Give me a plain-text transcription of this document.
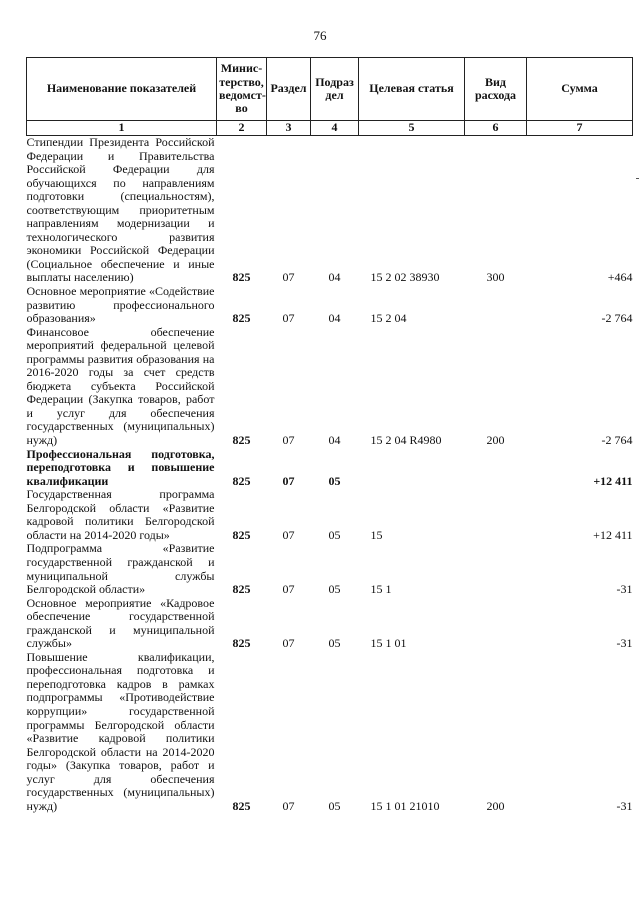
76
Наименование показателей	Минис-терство, ведомст-во	Раздел	Подраз дел	Целевая статья	Вид расхода	Сумма
1	2	3	4	5	6	7
Стипендии Президента Российской Федерации и Правительства Российской Федерации для обучающихся по направлениям подготовки (специальностям), соответствующим приоритетным направлениям модернизации и технологического развития экономики Российской Федерации (Социальное обеспечение и иные выплаты населению)	825	07	04	15 2 02 38930	300	+464
Основное мероприятие «Содействие развитию профессионального образования»	825	07	04	15 2 04		-2 764
Финансовое обеспечение мероприятий федеральной целевой программы развития образования на 2016-2020 годы за счет средств бюджета субъекта Российской Федерации (Закупка товаров, работ и услуг для обеспечения государственных (муниципальных) нужд)	825	07	04	15 2 04 R4980	200	-2 764
Профессиональная подготовка, переподготовка и повышение квалификации	825	07	05			+12 411
Государственная программа Белгородской области «Развитие кадровой политики Белгородской области на 2014-2020 годы»	825	07	05	15		+12 411
Подпрограмма «Развитие государственной гражданской и муниципальной службы Белгородской области»	825	07	05	15 1		-31
Основное мероприятие «Кадровое обеспечение государственной гражданской и муниципальной службы»	825	07	05	15 1 01		-31
Повышение квалификации, профессиональная подготовка и переподготовка кадров в рамках подпрограммы «Противодействие коррупции» государственной программы Белгородской области «Развитие кадровой политики Белгородской области на 2014-2020 годы» (Закупка товаров, работ и услуг для обеспечения государственных (муниципальных) нужд)	825	07	05	15 1 01 21010	200	-31
